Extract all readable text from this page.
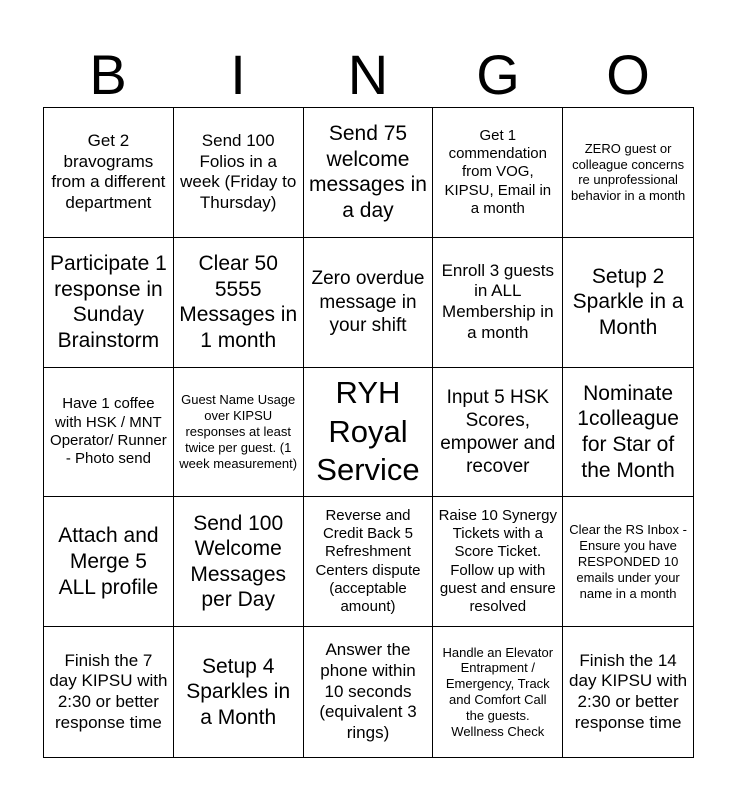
B	I	N	G	O
Get 2 bravograms from a different department
Send 100 Folios in a week (Friday to Thursday)
Send 75 welcome messages in a day
Get 1 commendation from VOG, KIPSU, Email in a month
ZERO guest or colleague concerns re unprofessional behavior in a month
Participate 1 response in Sunday Brainstorm
Clear 50 5555 Messages in 1 month
Zero overdue message in your shift
Enroll 3 guests in ALL Membership in a month
Setup 2 Sparkle in a Month
Have 1 coffee with HSK / MNT Operator/ Runner - Photo send
Guest Name Usage over KIPSU responses at least twice per guest. (1 week measurement)
RYH Royal Service
Input 5 HSK Scores, empower and recover
Nominate 1colleague for Star of the Month
Attach and Merge 5 ALL profile
Send 100 Welcome Messages per Day
Reverse and Credit Back 5 Refreshment Centers dispute (acceptable amount)
Raise 10 Synergy Tickets with a Score Ticket. Follow up with guest and ensure resolved
Clear the RS Inbox - Ensure you have RESPONDED 10 emails under your name in a month
Finish the 7 day KIPSU with 2:30 or better response time
Setup 4 Sparkles in a Month
Answer the phone within 10 seconds (equivalent 3 rings)
Handle an Elevator Entrapment / Emergency, Track and Comfort Call the guests. Wellness Check
Finish the 14 day KIPSU with 2:30 or better response time
